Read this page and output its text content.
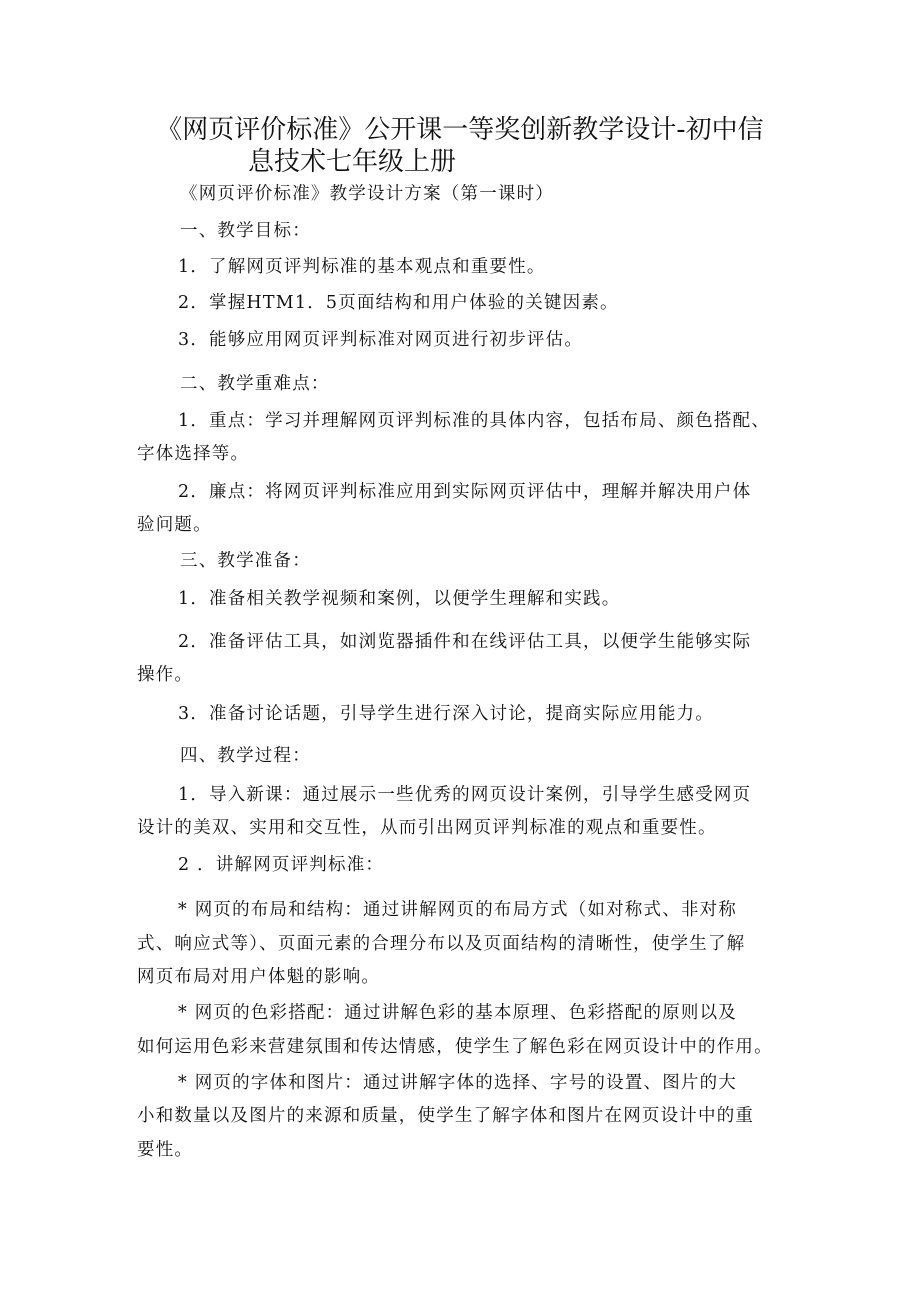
《网页评价标准》公开课一等奖创新教学设计-初中信
息技术七年级上册
《网页评价标准》教学设计方案（第一课时）
一、教学目标：
1．了解网页评判标准的基本观点和重要性。
2．掌握HTM1．5页面结构和用户体验的关键因素。
3．能够应用网页评判标准对网页进行初步评估。
二、教学重难点：
1．重点：学习并理解网页评判标准的具体内容，包括布局、颜色搭配、
字体选择等。
2．廉点：将网页评判标准应用到实际网页评估中，理解并解决用户体
验问题。
三、教学准备：
1．准备相关教学视频和案例，以便学生理解和实践。
2．准备评估工具，如浏览器插件和在线评估工具，以便学生能够实际
操作。
3．准备讨论话题，引导学生进行深入讨论，提商实际应用能力。
四、教学过程：
1．导入新课：通过展示一些优秀的网页设计案例，引导学生感受网页
设计的美双、实用和交互性，从而引出网页评判标准的观点和重要性。
2 ．讲解网页评判标准：
* 网页的布局和结构：通过讲解网页的布局方式（如对称式、非对称
式、响应式等）、页面元素的合理分布以及页面结构的清晰性，使学生了解
网页布局对用户体魁的影响。
* 网页的色彩搭配：通过讲解色彩的基本原理、色彩搭配的原则以及
如何运用色彩来营建氛围和传达情感，使学生了解色彩在网页设计中的作用。
* 网页的字体和图片：通过讲解字体的选择、字号的设置、图片的大
小和数量以及图片的来源和质量，使学生了解字体和图片在网页设计中的重
要性。
